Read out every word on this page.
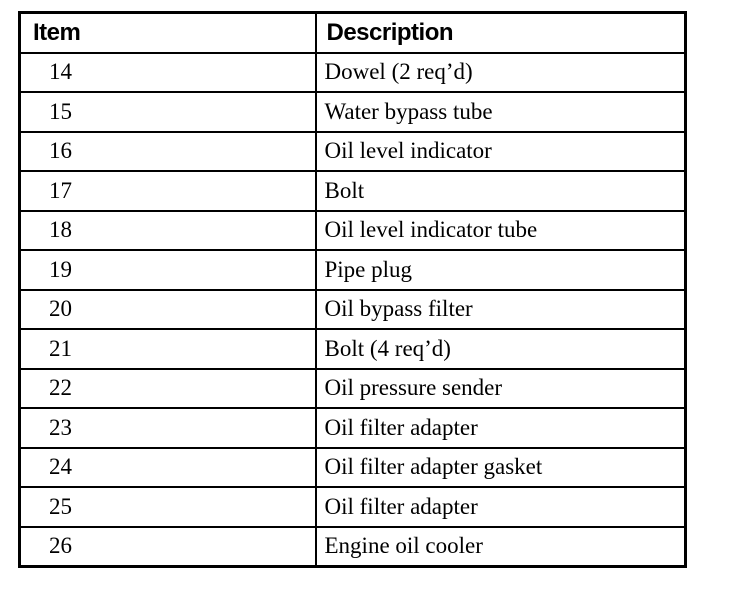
Item	Description
14	Dowel (2 req’d)
15	Water bypass tube
16	Oil level indicator
17	Bolt
18	Oil level indicator tube
19	Pipe plug
20	Oil bypass filter
21	Bolt (4 req’d)
22	Oil pressure sender
23	Oil filter adapter
24	Oil filter adapter gasket
25	Oil filter adapter
26	Engine oil cooler
